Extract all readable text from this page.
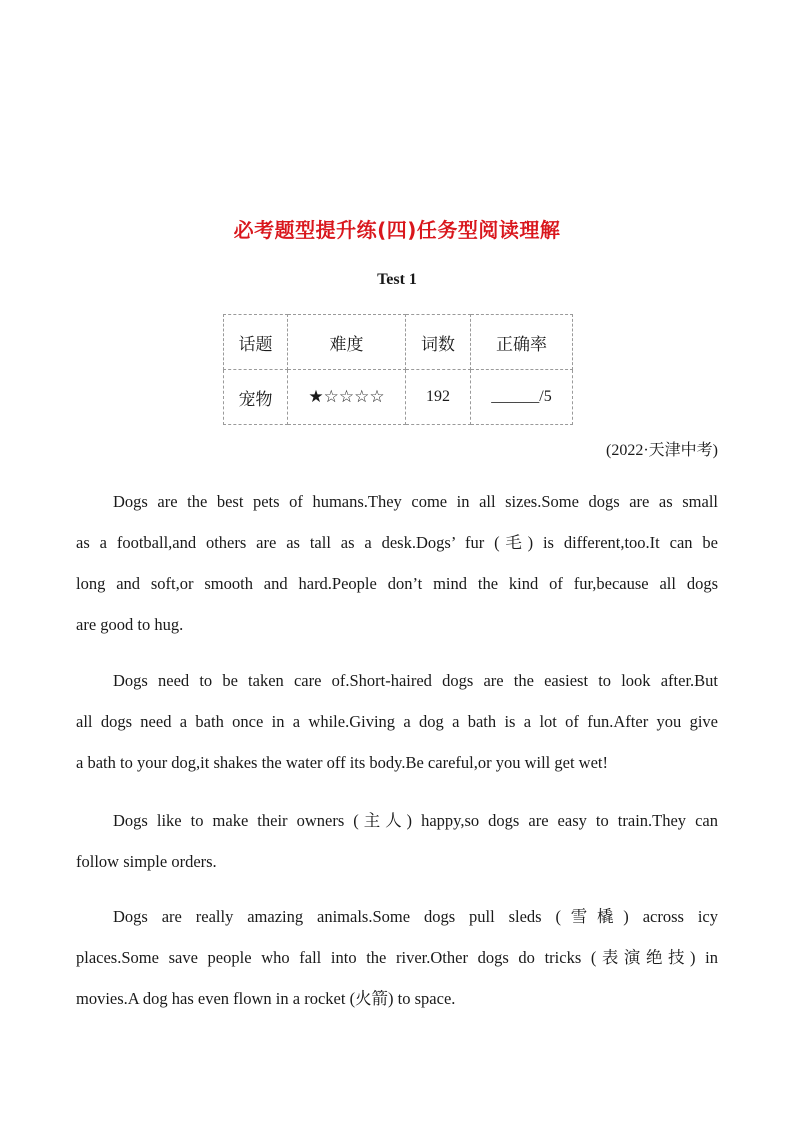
必考题型提升练(四)任务型阅读理解
Test 1
话题	难度	词数	正确率
宠物	★☆☆☆☆	192	______/5

(2022·天津中考)

Dogs are the best pets of humans.They come in all sizes.Some dogs are as small
as a football,and others are as tall as a desk.Dogs’ fur (毛) is different,too.It can be
long and soft,or smooth and hard.People don’t mind the kind of fur,because all dogs
are good to hug.

Dogs need to be taken care of.Short-haired dogs are the easiest to look after.But
all dogs need a bath once in a while.Giving a dog a bath is a lot of fun.After you give
a bath to your dog,it shakes the water off its body.Be careful,or you will get wet!

Dogs like to make their owners (主人) happy,so dogs are easy to train.They can
follow simple orders.

Dogs are really amazing animals.Some dogs pull sleds (雪橇) across icy
places.Some save people who fall into the river.Other dogs do tricks (表演绝技) in
movies.A dog has even flown in a rocket (火箭) to space.
